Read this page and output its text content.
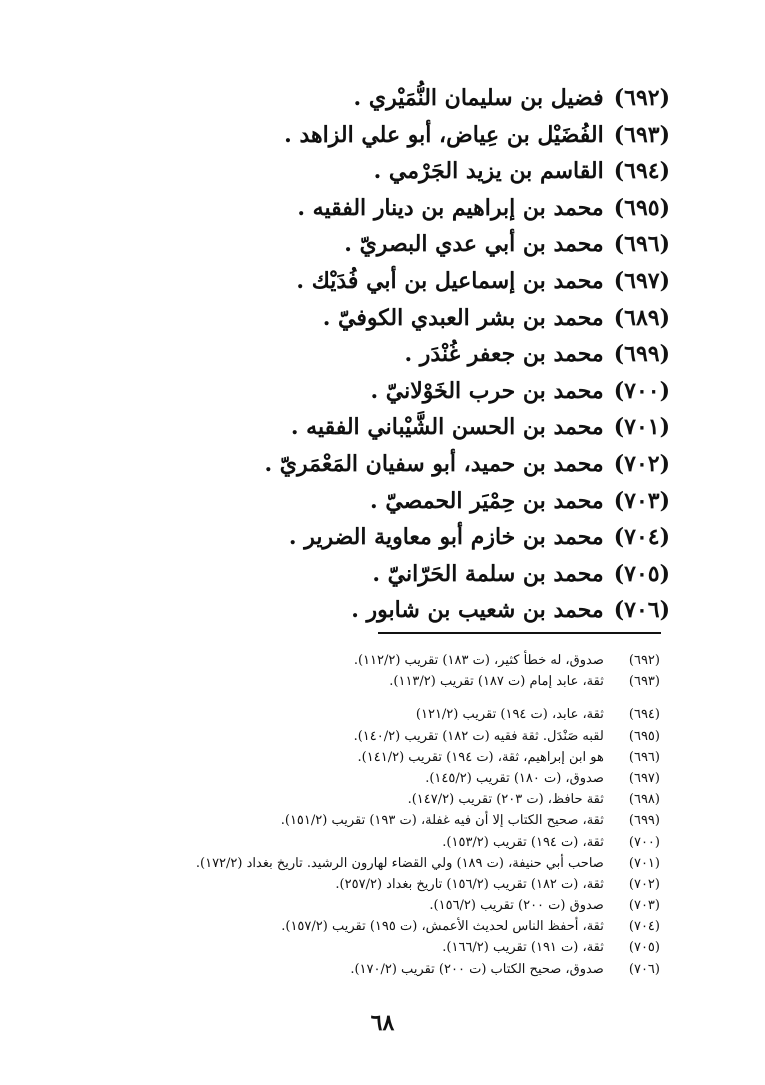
(٦٩٢)فضيل بن سليمان النُّمَيْري .
(٦٩٣)الفُضَيْل بن عِياض، أبو علي الزاهد .
(٦٩٤)القاسم بن يزيد الجَرْمي .
(٦٩٥)محمد بن إبراهيم بن دينار الفقيه .
(٦٩٦)محمد بن أبي عدي البصريّ .
(٦٩٧)محمد بن إسماعيل بن أبي فُدَيْك .
(٦٨٩)محمد بن بشر العبدي الكوفيّ .
(٦٩٩)محمد بن جعفر غُنْدَر .
(٧٠٠)محمد بن حرب الخَوْلانيّ .
(٧٠١)محمد بن الحسن الشَّيْباني الفقيه .
(٧٠٢)محمد بن حميد، أبو سفيان المَعْمَريّ .
(٧٠٣)محمد بن حِمْيَر الحمصيّ .
(٧٠٤)محمد بن خازم أبو معاوية الضرير .
(٧٠٥)محمد بن سلمة الحَرّانيّ .
(٧٠٦)محمد بن شعيب بن شابور .
(٦٩٢) صدوق، له خطأ كثير، (ت ١٨٣) تقريب (١١٢/٢).
(٦٩٣) ثقة، عابد إمام (ت ١٨٧) تقريب (١١٣/٢).
(٦٩٤) ثقة، عابد، (ت ١٩٤) تقريب (١٢١/٢)
(٦٩٥) لقبه صَنْدَل. ثقة فقيه (ت ١٨٢) تقريب (١٤٠/٢).
(٦٩٦) هو ابن إبراهيم، ثقة، (ت ١٩٤) تقريب (١٤١/٢).
(٦٩٧) صدوق، (ت ١٨٠) تقريب (١٤٥/٢).
(٦٩٨) ثقة حافظ، (ت ٢٠٣) تقريب (١٤٧/٢).
(٦٩٩) ثقة، صحيح الكتاب إلا أن فيه غفلة، (ت ١٩٣) تقريب (١٥١/٢).
(٧٠٠) ثقة، (ت ١٩٤) تقريب (١٥٣/٢).
(٧٠١) صاحب أبي حنيفة، (ت ١٨٩) ولي القضاء لهارون الرشيد. تاريخ بغداد (١٧٢/٢).
(٧٠٢) ثقة، (ت ١٨٢) تقريب (١٥٦/٢) تاريخ بغداد (٢٥٧/٢).
(٧٠٣) صدوق (ت ٢٠٠) تقريب (١٥٦/٢).
(٧٠٤) ثقة، أحفظ الناس لحديث الأعمش، (ت ١٩٥) تقريب (١٥٧/٢).
(٧٠٥) ثقة، (ت ١٩١) تقريب (١٦٦/٢).
(٧٠٦) صدوق، صحيح الكتاب (ت ٢٠٠) تقريب (١٧٠/٢).
٦٨
